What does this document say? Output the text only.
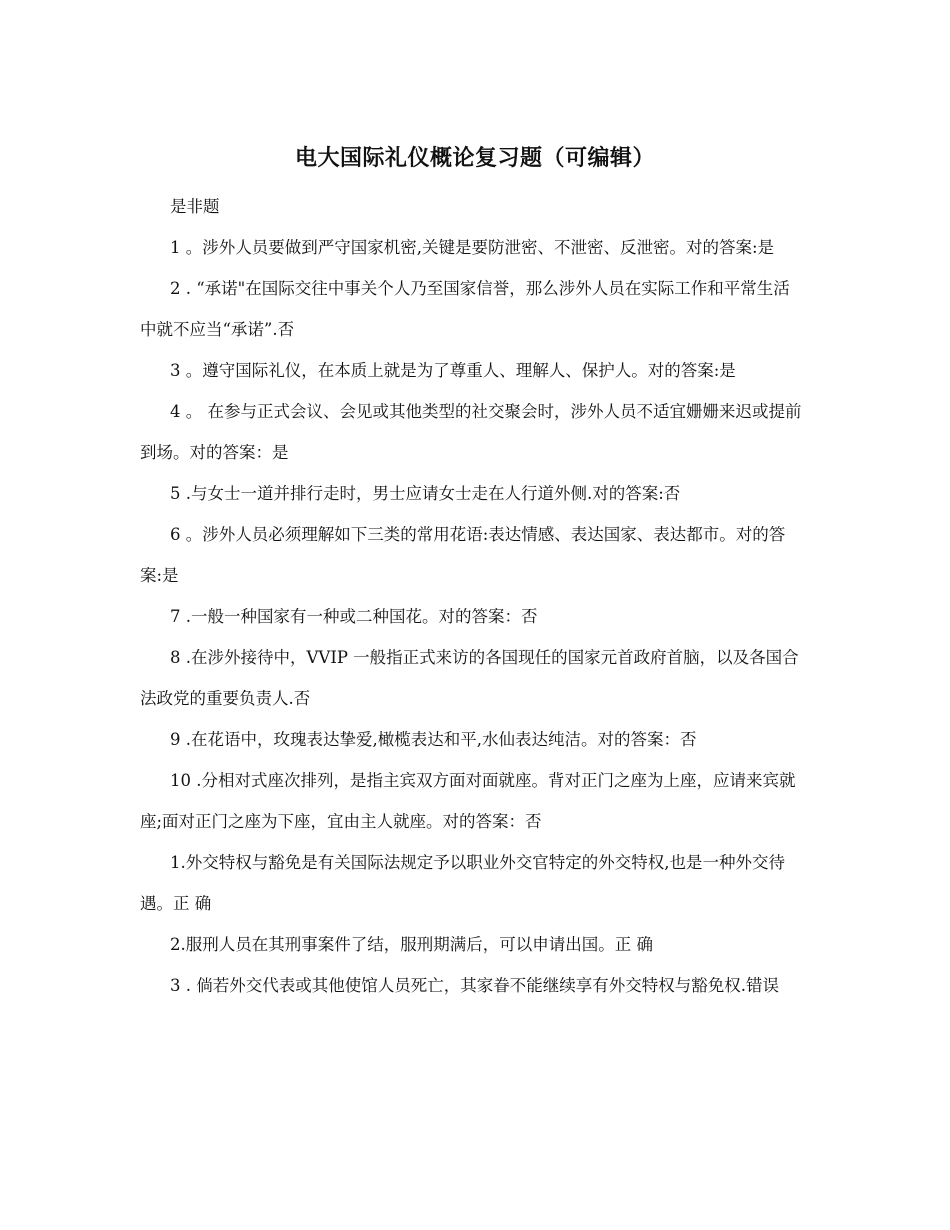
电大国际礼仪概论复习题（可编辑）

是非题

1 。涉外人员要做到严守国家机密,关键是要防泄密、不泄密、反泄密。对的答案:是

2 . “承诺"在国际交往中事关个人乃至国家信誉，那么涉外人员在实际工作和平常生活中就不应当“承诺”.否

3 。遵守国际礼仪，在本质上就是为了尊重人、理解人、保护人。对的答案:是

4 。 在参与正式会议、会见或其他类型的社交聚会时，涉外人员不适宜姗姗来迟或提前到场。对的答案：是

5 .与女士一道并排行走时，男士应请女士走在人行道外侧.对的答案:否

6 。涉外人员必须理解如下三类的常用花语:表达情感、表达国家、表达都市。对的答案:是

7 .一般一种国家有一种或二种国花。对的答案：否

8 .在涉外接待中，VVIP 一般指正式来访的各国现任的国家元首政府首脑，以及各国合法政党的重要负责人.否

9 .在花语中，玫瑰表达挚爱,橄榄表达和平,水仙表达纯洁。对的答案：否

10 .分相对式座次排列，是指主宾双方面对面就座。背对正门之座为上座，应请来宾就座;面对正门之座为下座，宜由主人就座。对的答案：否

1.外交特权与豁免是有关国际法规定予以职业外交官特定的外交特权,也是一种外交待遇。正 确

2.服刑人员在其刑事案件了结，服刑期满后，可以申请出国。正 确

3 . 倘若外交代表或其他使馆人员死亡，其家眷不能继续享有外交特权与豁免权.错误
